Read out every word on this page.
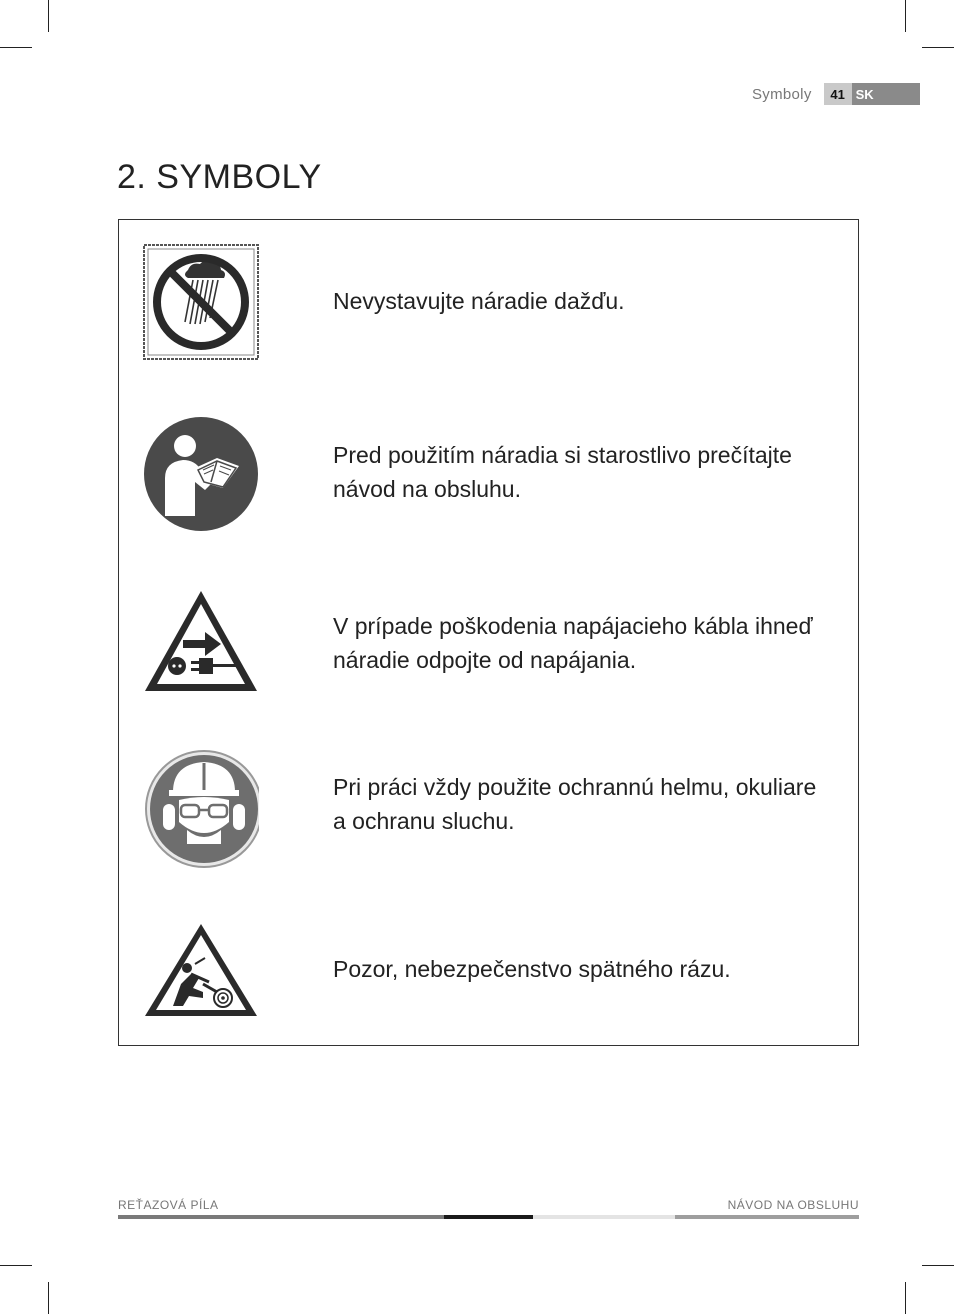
Symboly	41 SK
2. SYMBOLY
Nevystavujte náradie dažďu.
Pred použitím náradia si starostlivo prečítajte
návod na obsluhu.
V prípade poškodenia napájacieho kábla ihneď
náradie odpojte od napájania.
Pri práci vždy použite ochrannú helmu, okuliare
a ochranu sluchu.
Pozor, nebezpečenstvo spätného rázu.
REŤAZOVÁ PÍLA	NÁVOD NA OBSLUHU
